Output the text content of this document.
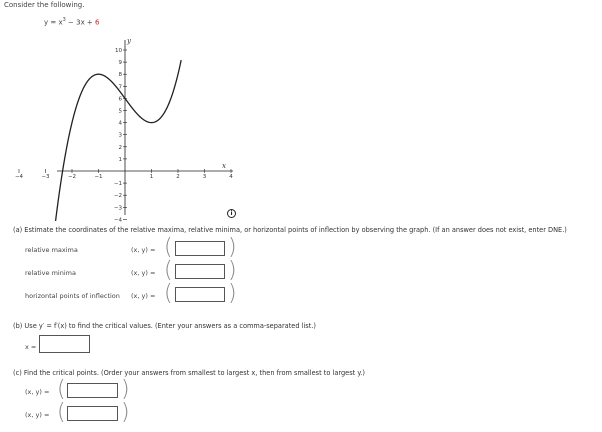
Consider the following.
$y = x^3 - 3x + 6$
y
x
−4	−3	−2	−1	1	2	3	4
10
9
8
7
6
5
4
3
2
1
−1
−2
−3
−4
i
(a) Estimate the coordinates of the relative maxima, relative minima, or horizontal points of inflection by observing the graph. (If an answer does not exist, enter DNE.)
relative maxima	(x, y) = (	)
relative minima	(x, y) = (	)
horizontal points of inflection (x, y) = (	)
(b) Use y′ = f′(x) to find the critical values. (Enter your answers as a comma-separated list.)
x =
(c) Find the critical points. (Order your answers from smallest to largest x, then from smallest to largest y.)
(x, y) = (	)
(x, y) = (	)
